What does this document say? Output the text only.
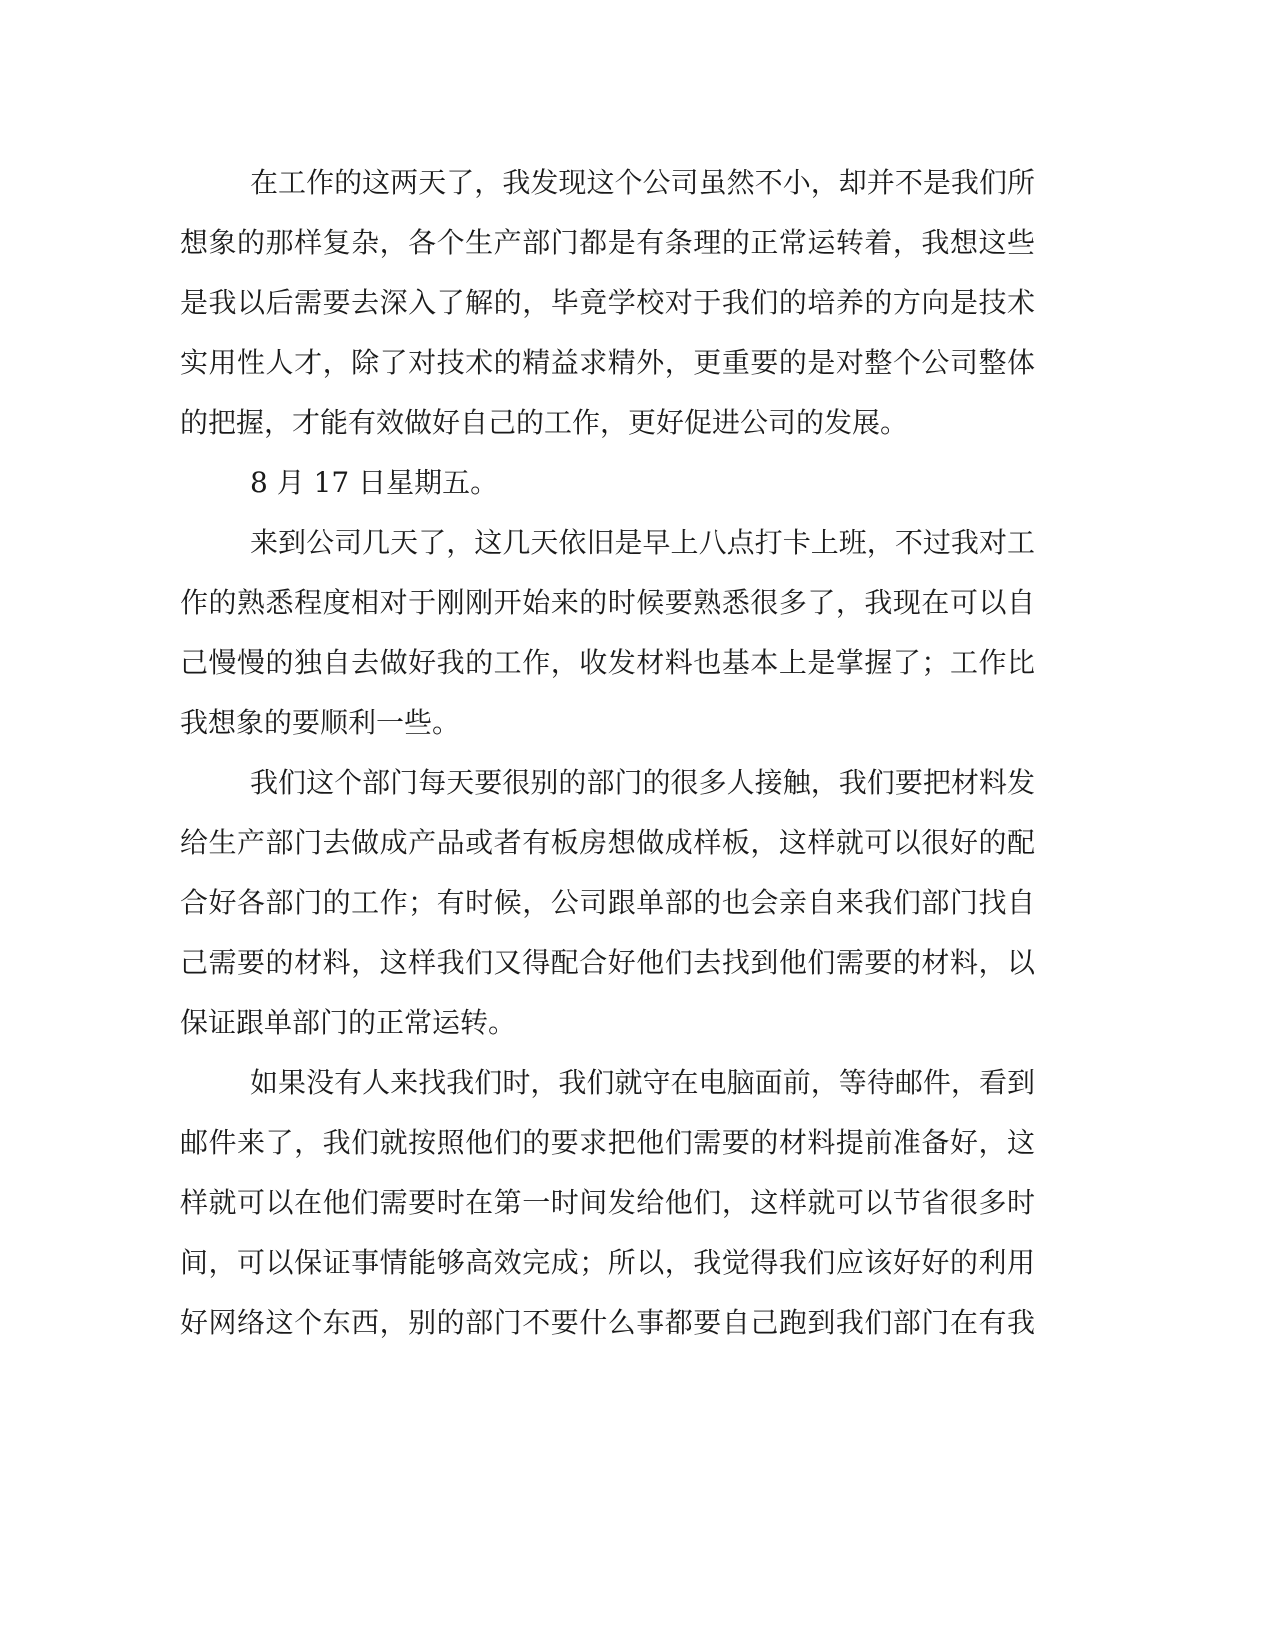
在工作的这两天了，我发现这个公司虽然不小，却并不是我们所
想象的那样复杂，各个生产部门都是有条理的正常运转着，我想这些
是我以后需要去深入了解的，毕竟学校对于我们的培养的方向是技术
实用性人才，除了对技术的精益求精外，更重要的是对整个公司整体
的把握，才能有效做好自己的工作，更好促进公司的发展。
8 月 17 日星期五。
来到公司几天了，这几天依旧是早上八点打卡上班，不过我对工
作的熟悉程度相对于刚刚开始来的时候要熟悉很多了，我现在可以自
己慢慢的独自去做好我的工作，收发材料也基本上是掌握了；工作比
我想象的要顺利一些。
我们这个部门每天要很别的部门的很多人接触，我们要把材料发
给生产部门去做成产品或者有板房想做成样板，这样就可以很好的配
合好各部门的工作；有时候，公司跟单部的也会亲自来我们部门找自
己需要的材料，这样我们又得配合好他们去找到他们需要的材料，以
保证跟单部门的正常运转。
如果没有人来找我们时，我们就守在电脑面前，等待邮件，看到
邮件来了，我们就按照他们的要求把他们需要的材料提前准备好，这
样就可以在他们需要时在第一时间发给他们，这样就可以节省很多时
间，可以保证事情能够高效完成；所以，我觉得我们应该好好的利用
好网络这个东西，别的部门不要什么事都要自己跑到我们部门在有我
